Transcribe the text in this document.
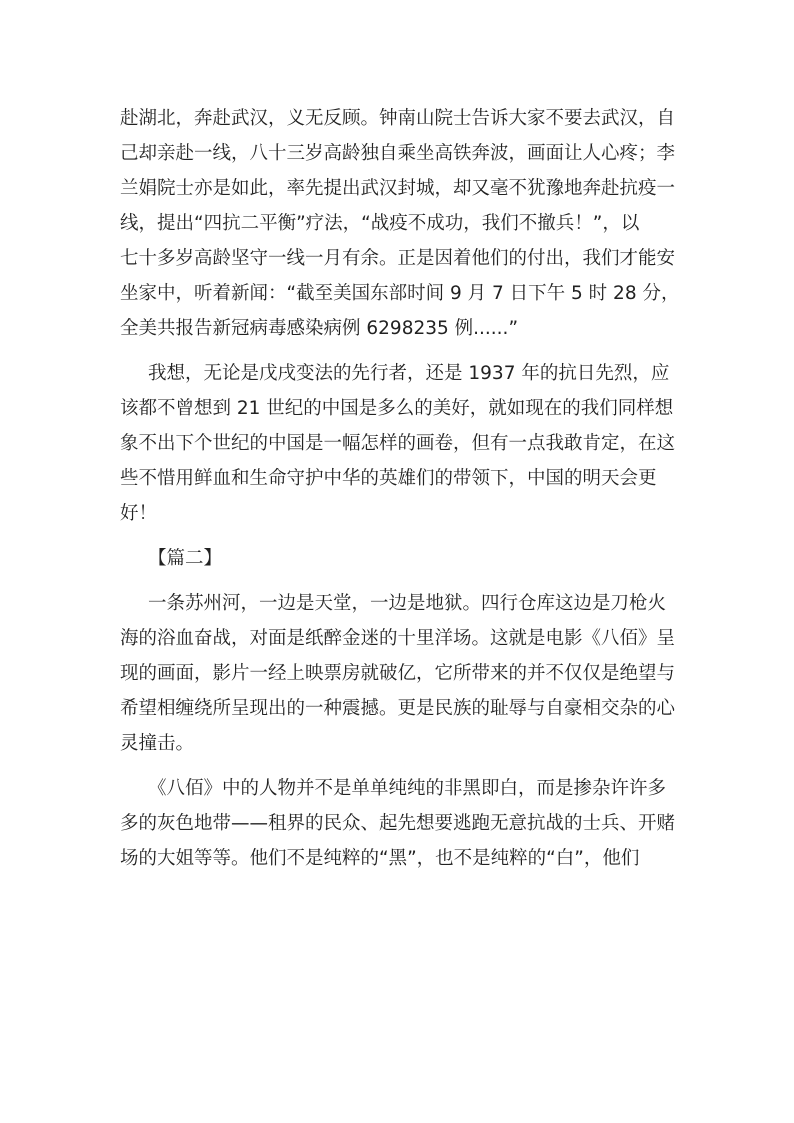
赴湖北，奔赴武汉，义无反顾。钟南山院士告诉大家不要去武汉，自
己却亲赴一线，八十三岁高龄独自乘坐高铁奔波，画面让人心疼；李
兰娟院士亦是如此，率先提出武汉封城，却又毫不犹豫地奔赴抗疫一
线，提出“四抗二平衡”疗法，“战疫不成功，我们不撤兵！”，以
七十多岁高龄坚守一线一月有余。正是因着他们的付出，我们才能安
坐家中，听着新闻：“截至美国东部时间 9 月 7 日下午 5 时 28 分，
全美共报告新冠病毒感染病例 6298235 例......”
我想，无论是戊戌变法的先行者，还是 1937 年的抗日先烈，应
该都不曾想到 21 世纪的中国是多么的美好，就如现在的我们同样想
象不出下个世纪的中国是一幅怎样的画卷，但有一点我敢肯定，在这
些不惜用鲜血和生命守护中华的英雄们的带领下，中国的明天会更
好！
【篇二】
一条苏州河，一边是天堂，一边是地狱。四行仓库这边是刀枪火
海的浴血奋战，对面是纸醉金迷的十里洋场。这就是电影《八佰》呈
现的画面，影片一经上映票房就破亿，它所带来的并不仅仅是绝望与
希望相缠绕所呈现出的一种震撼。更是民族的耻辱与自豪相交杂的心
灵撞击。
《八佰》中的人物并不是单单纯纯的非黑即白，而是掺杂许许多
多的灰色地带——租界的民众、起先想要逃跑无意抗战的士兵、开赌
场的大姐等等。他们不是纯粹的“黑”，也不是纯粹的“白”，他们
